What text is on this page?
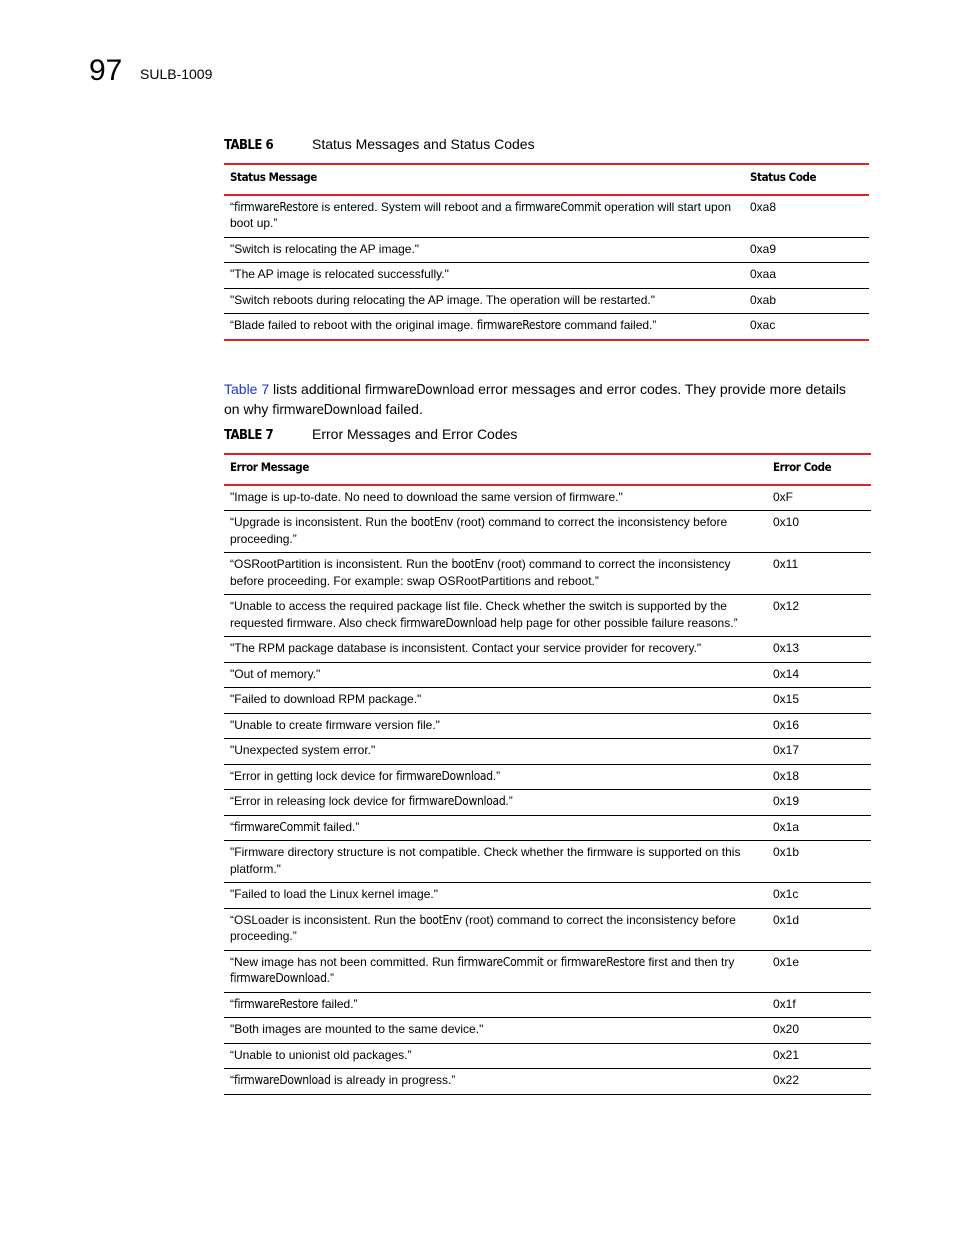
97 SULB-1009
TABLE 6	Status Messages and Status Codes
Status Message	Status Code
“firmwareRestore is entered. System will reboot and a firmwareCommit operation will start upon boot up.”	0xa8
"Switch is relocating the AP image."	0xa9
"The AP image is relocated successfully."	0xaa
"Switch reboots during relocating the AP image. The operation will be restarted."	0xab
“Blade failed to reboot with the original image. firmwareRestore command failed.”	0xac
Table 7 lists additional firmwareDownload error messages and error codes. They provide more details on why firmwareDownload failed.
TABLE 7	Error Messages and Error Codes
Error Message	Error Code
"Image is up-to-date. No need to download the same version of firmware."	0xF
“Upgrade is inconsistent. Run the bootEnv (root) command to correct the inconsistency before proceeding.”	0x10
“OSRootPartition is inconsistent. Run the bootEnv (root) command to correct the inconsistency before proceeding. For example: swap OSRootPartitions and reboot.”	0x11
“Unable to access the required package list file. Check whether the switch is supported by the requested firmware. Also check firmwareDownload help page for other possible failure reasons.”	0x12
"The RPM package database is inconsistent. Contact your service provider for recovery."	0x13
"Out of memory."	0x14
"Failed to download RPM package."	0x15
"Unable to create firmware version file."	0x16
"Unexpected system error."	0x17
“Error in getting lock device for firmwareDownload.”	0x18
“Error in releasing lock device for firmwareDownload.”	0x19
“firmwareCommit failed.”	0x1a
"Firmware directory structure is not compatible. Check whether the firmware is supported on this platform."	0x1b
"Failed to load the Linux kernel image."	0x1c
“OSLoader is inconsistent. Run the bootEnv (root) command to correct the inconsistency before proceeding.”	0x1d
“New image has not been committed. Run firmwareCommit or firmwareRestore first and then try firmwareDownload.”	0x1e
“firmwareRestore failed.”	0x1f
"Both images are mounted to the same device."	0x20
“Unable to unionist old packages.”	0x21
“firmwareDownload is already in progress.”	0x22
